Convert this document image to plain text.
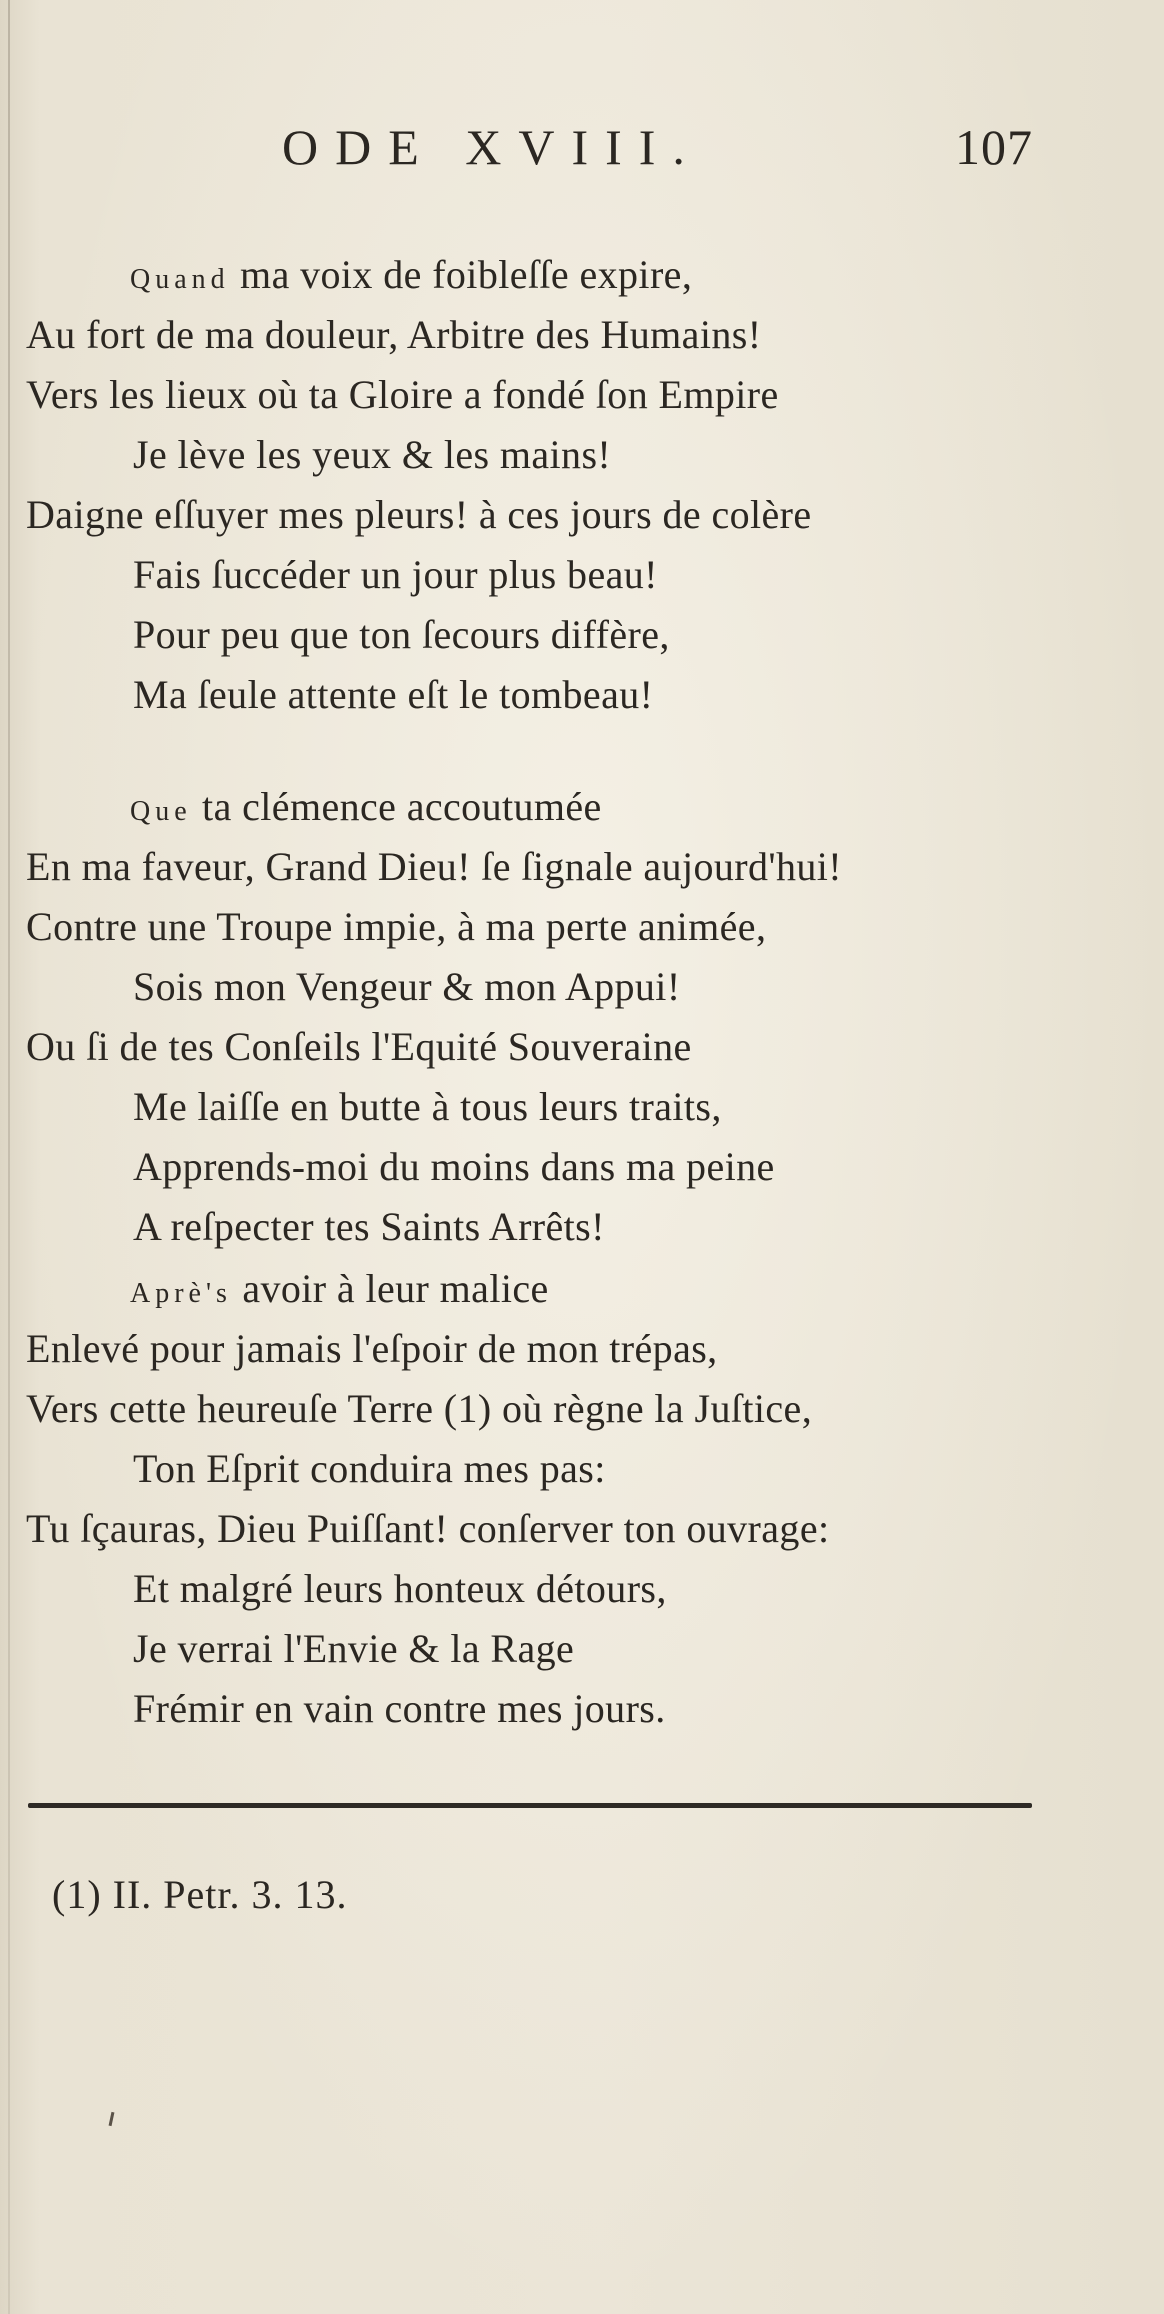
ODE XVIII.	107
Quand ma voix de foibleſſe expire,
Au fort de ma douleur, Arbitre des Humains!
Vers les lieux où ta Gloire a fondé ſon Empire
Je lève les yeux & les mains!
Daigne eſſuyer mes pleurs! à ces jours de colère
Fais ſuccéder un jour plus beau!
Pour peu que ton ſecours diffère,
Ma ſeule attente eſt le tombeau!
Que ta clémence accoutumée
En ma faveur, Grand Dieu! ſe ſignale aujourd'hui!
Contre une Troupe impie, à ma perte animée,
Sois mon Vengeur & mon Appui!
Ou ſi de tes Conſeils l'Equité Souveraine
Me laiſſe en butte à tous leurs traits,
Apprends-moi du moins dans ma peine
A reſpecter tes Saints Arrêts!
Aprè's avoir à leur malice
Enlevé pour jamais l'eſpoir de mon trépas,
Vers cette heureuſe Terre (1) où règne la Juſtice,
Ton Eſprit conduira mes pas:
Tu ſçauras, Dieu Puiſſant! conſerver ton ouvrage:
Et malgré leurs honteux détours,
Je verrai l'Envie & la Rage
Frémir en vain contre mes jours.
(1) II. Petr. 3. 13.
